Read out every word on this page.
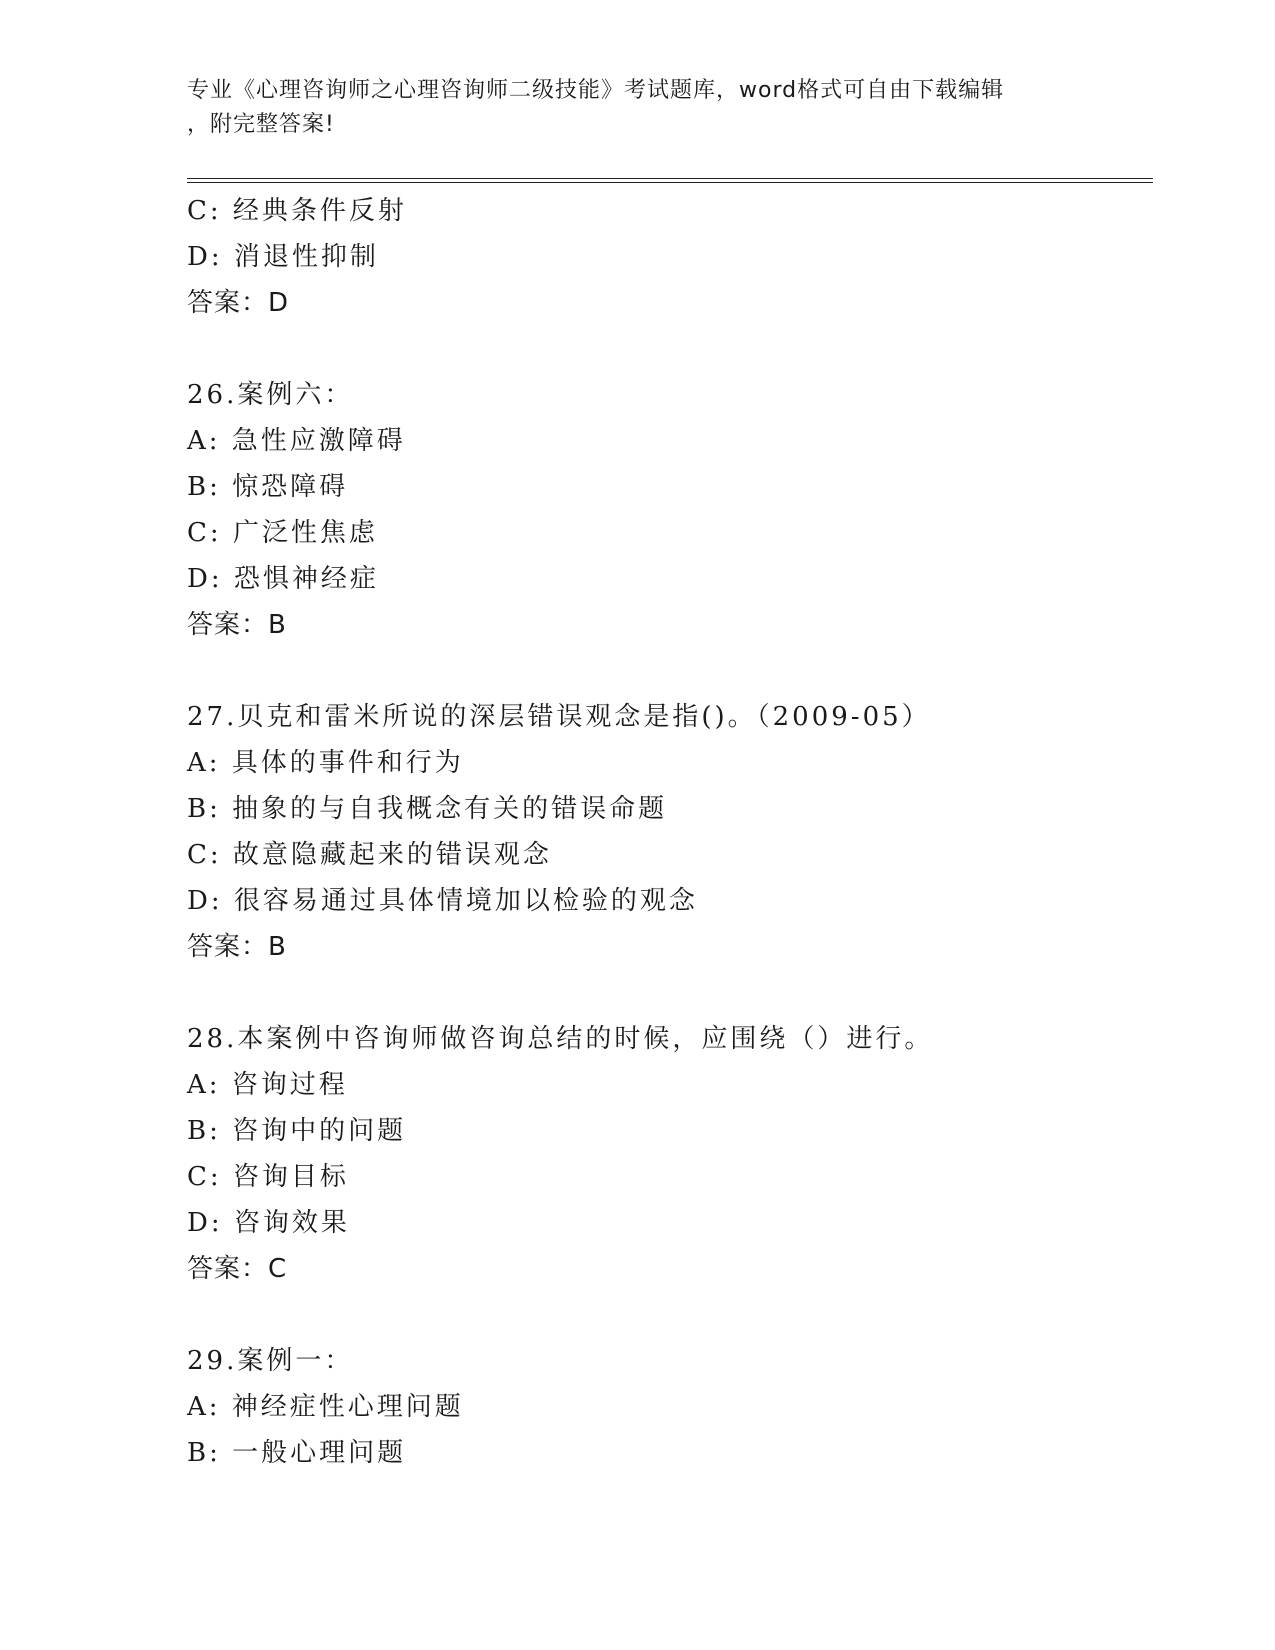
专业《心理咨询师之心理咨询师二级技能》考试题库，word格式可自由下载编辑
，附完整答案!
C: 经典条件反射
D: 消退性抑制
答案：D
26.案例六：
A: 急性应激障碍
B: 惊恐障碍
C: 广泛性焦虑
D: 恐惧神经症
答案：B
27.贝克和雷米所说的深层错误观念是指()。（2009-05）
A: 具体的事件和行为
B: 抽象的与自我概念有关的错误命题
C: 故意隐藏起来的错误观念
D: 很容易通过具体情境加以检验的观念
答案：B
28.本案例中咨询师做咨询总结的时候，应围绕（）进行。
A: 咨询过程
B: 咨询中的问题
C: 咨询目标
D: 咨询效果
答案：C
29.案例一：
A: 神经症性心理问题
B: 一般心理问题
